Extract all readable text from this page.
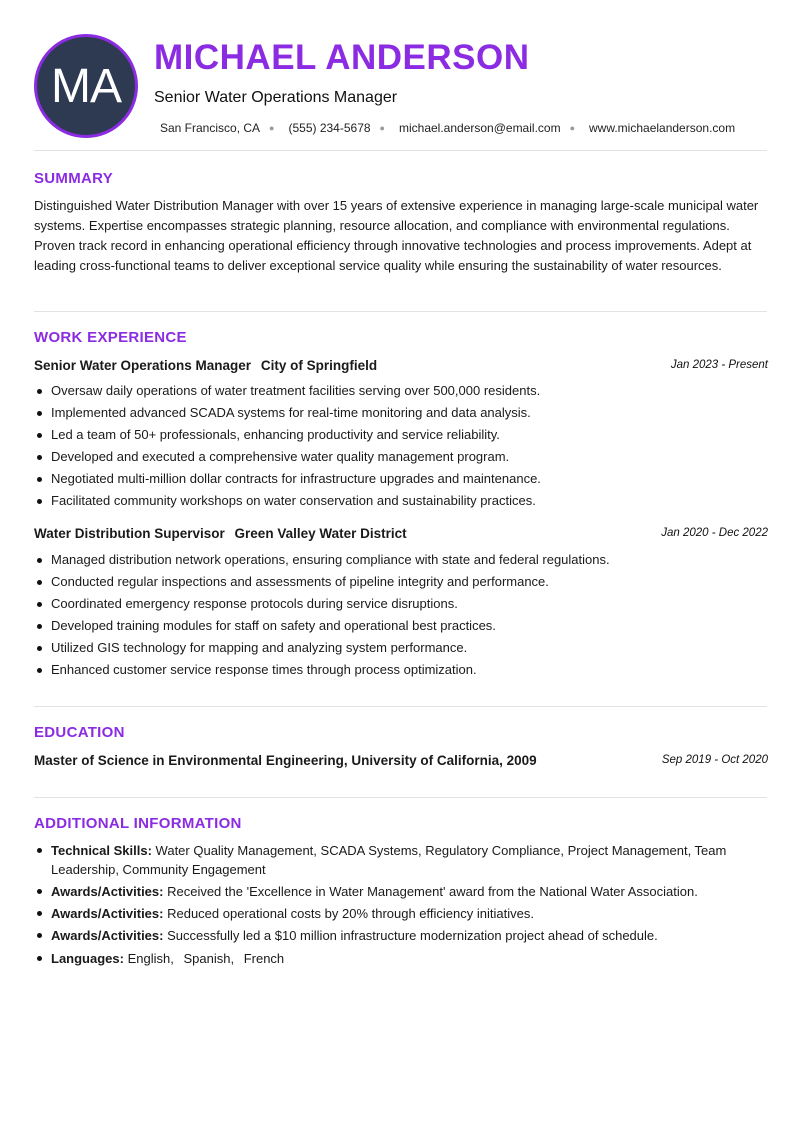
MA
MICHAEL ANDERSON
Senior Water Operations Manager
San Francisco, CA ● (555) 234-5678 ● michael.anderson@email.com ● www.michaelanderson.com
SUMMARY
Distinguished Water Distribution Manager with over 15 years of extensive experience in managing large-scale municipal water systems. Expertise encompasses strategic planning, resource allocation, and compliance with environmental regulations. Proven track record in enhancing operational efficiency through innovative technologies and process improvements. Adept at leading cross-functional teams to deliver exceptional service quality while ensuring the sustainability of water resources.
WORK EXPERIENCE
Senior Water Operations Manager City of Springfield	Jan 2023 - Present
Oversaw daily operations of water treatment facilities serving over 500,000 residents.
Implemented advanced SCADA systems for real-time monitoring and data analysis.
Led a team of 50+ professionals, enhancing productivity and service reliability.
Developed and executed a comprehensive water quality management program.
Negotiated multi-million dollar contracts for infrastructure upgrades and maintenance.
Facilitated community workshops on water conservation and sustainability practices.
Water Distribution Supervisor Green Valley Water District	Jan 2020 - Dec 2022
Managed distribution network operations, ensuring compliance with state and federal regulations.
Conducted regular inspections and assessments of pipeline integrity and performance.
Coordinated emergency response protocols during service disruptions.
Developed training modules for staff on safety and operational best practices.
Utilized GIS technology for mapping and analyzing system performance.
Enhanced customer service response times through process optimization.
EDUCATION
Master of Science in Environmental Engineering, University of California, 2009	Sep 2019 - Oct 2020
ADDITIONAL INFORMATION
Technical Skills: Water Quality Management, SCADA Systems, Regulatory Compliance, Project Management, Team Leadership, Community Engagement
Awards/Activities: Received the 'Excellence in Water Management' award from the National Water Association.
Awards/Activities: Reduced operational costs by 20% through efficiency initiatives.
Awards/Activities: Successfully led a $10 million infrastructure modernization project ahead of schedule.
Languages: English, Spanish, French
